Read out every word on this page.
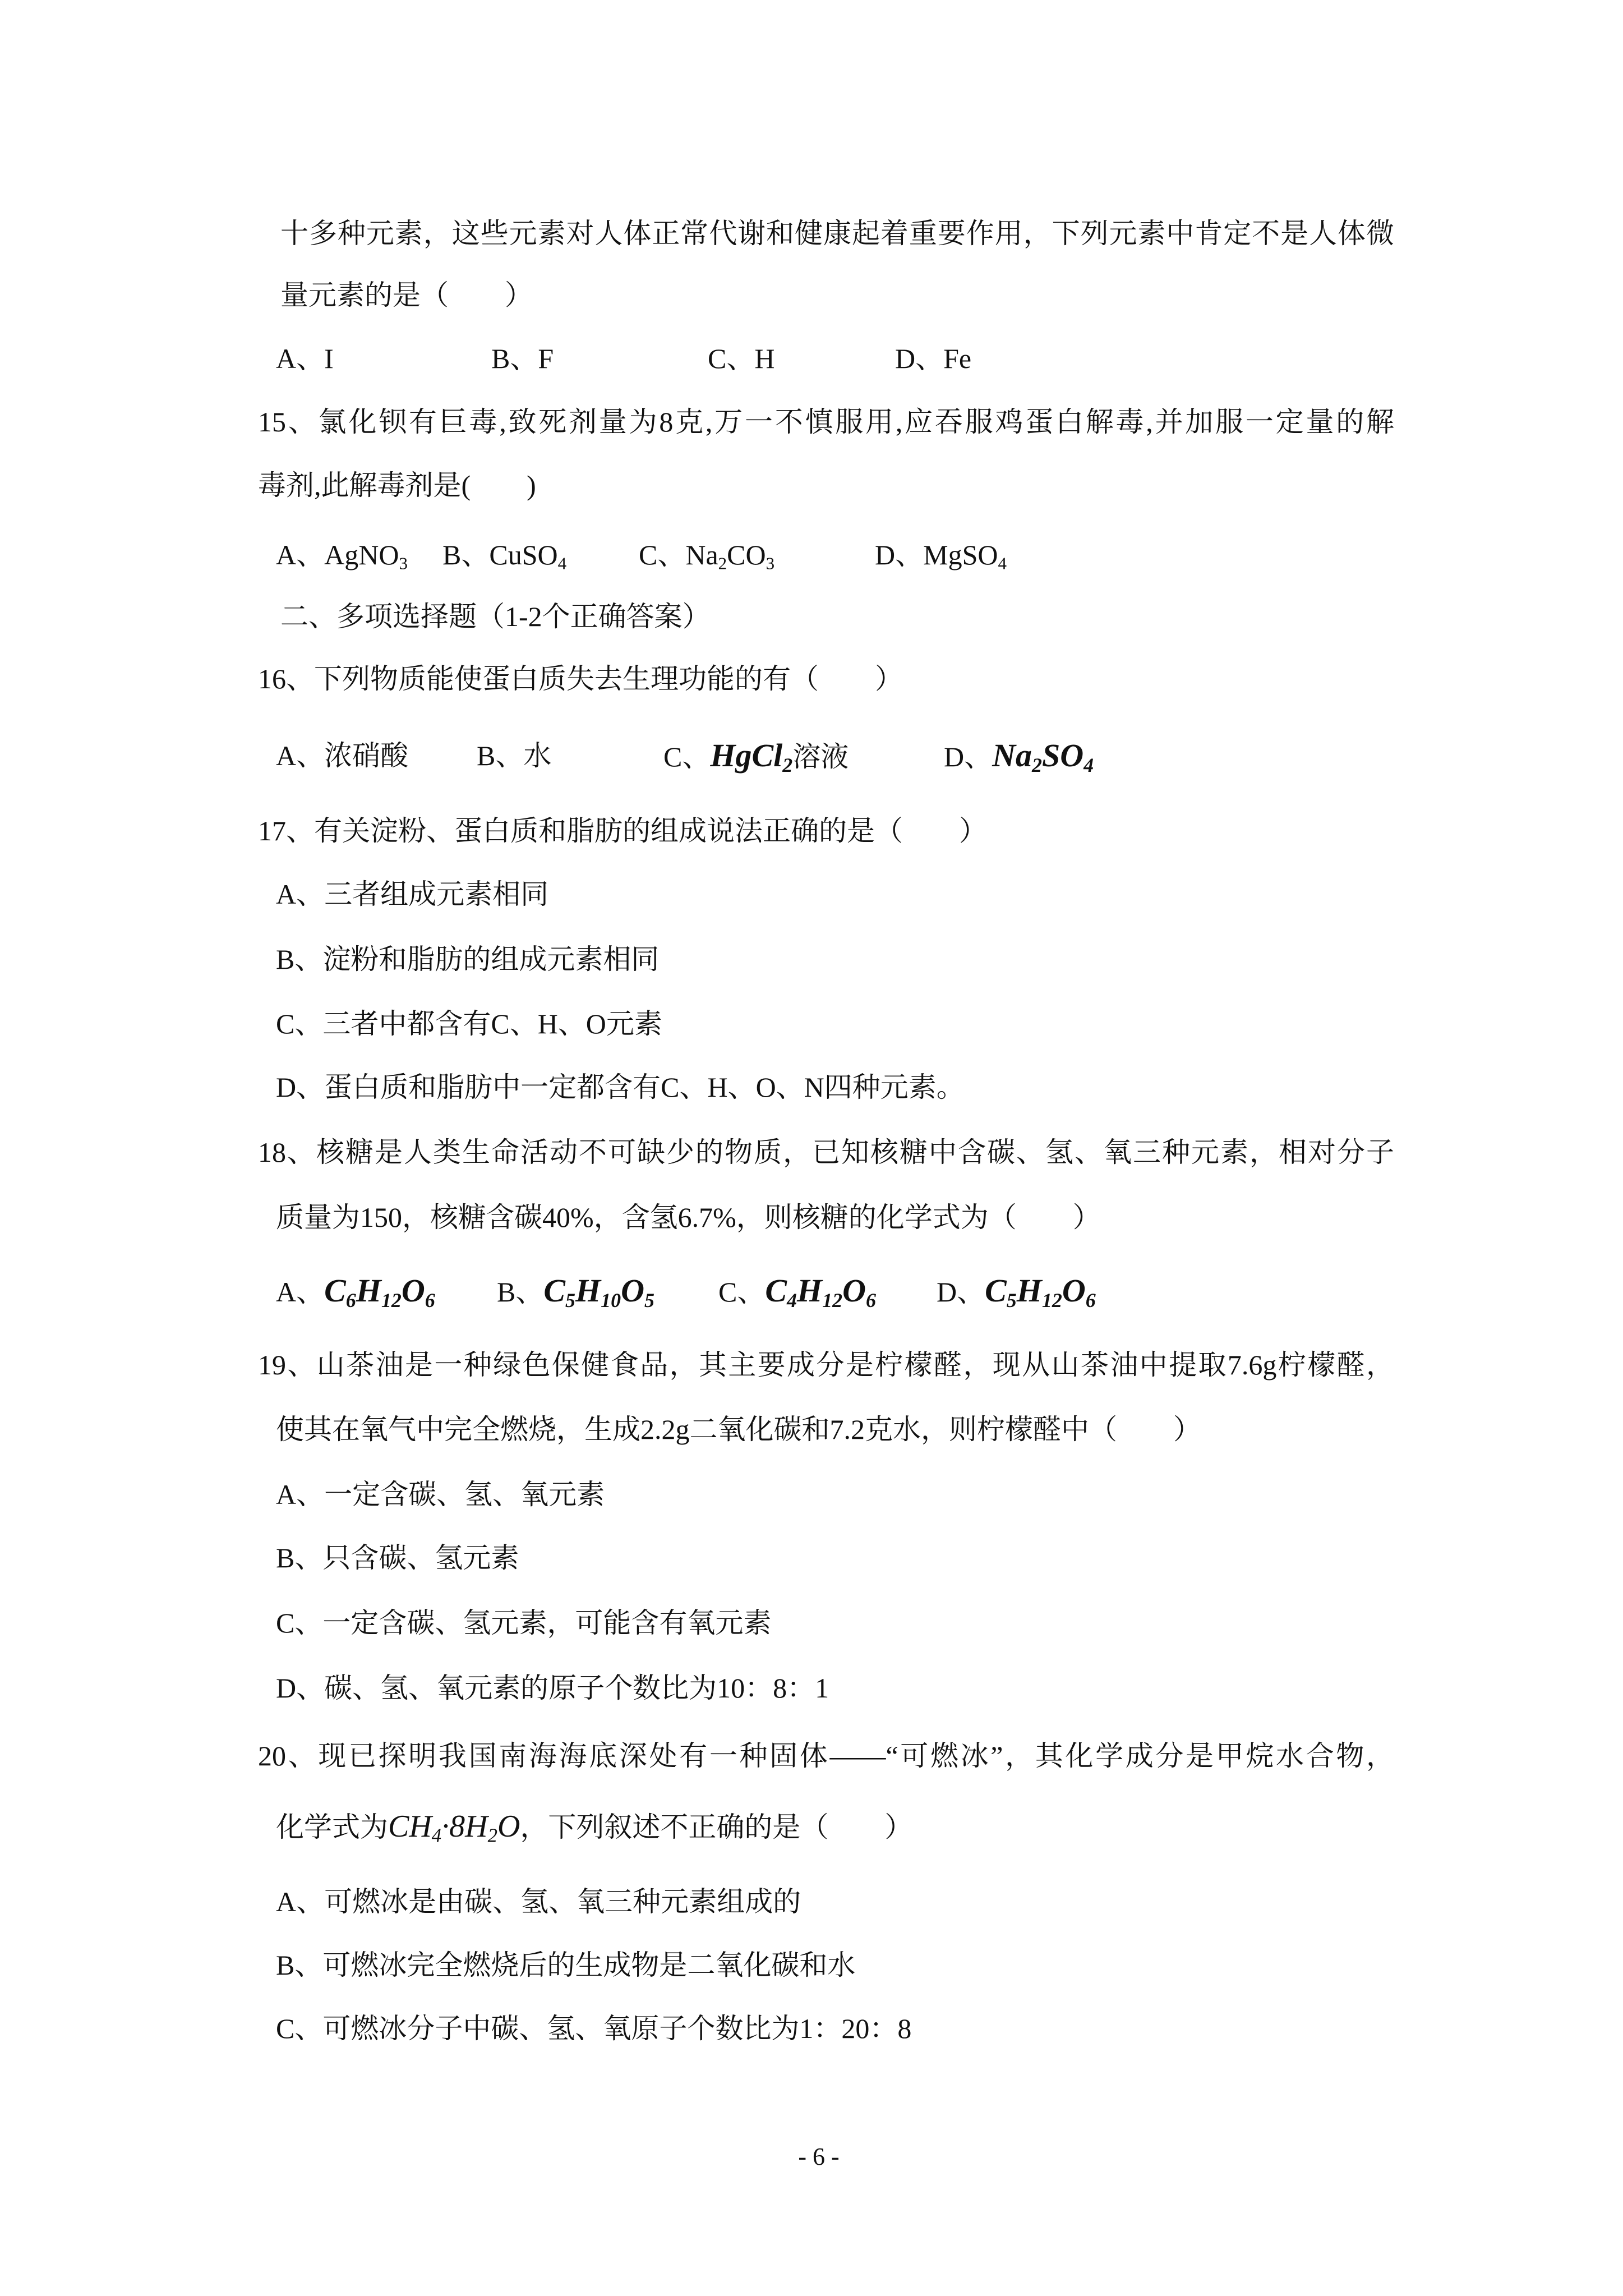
十多种元素，这些元素对人体正常代谢和健康起着重要作用，下列元素中肯定不是人体微
量元素的是（　　）
A、I	B、F	C、H	D、Fe
15、氯化钡有巨毒,致死剂量为8克,万一不慎服用,应吞服鸡蛋白解毒,并加服一定量的解
毒剂,此解毒剂是(　　)
A、AgNO$_3$ B、CuSO$_4$	C、$Na_2CO_3$	D、MgSO$_4$
二、多项选择题（1-2个正确答案）
16、下列物质能使蛋白质失去生理功能的有（　　）
A、浓硝酸 B、水	C、HgCl$_2$溶液	D、$Na_2SO_4$
17、有关淀粉、蛋白质和脂肪的组成说法正确的是（　　）
A、三者组成元素相同
B、淀粉和脂肪的组成元素相同
C、三者中都含有C、H、O元素
D、蛋白质和脂肪中一定都含有C、H、O、N四种元素。
18、核糖是人类生命活动不可缺少的物质，已知核糖中含碳、氢、氧三种元素，相对分子
质量为150，核糖含碳40%，含氢6.7%，则核糖的化学式为（　　）
A、$C_6H_{12}O_6$ B、$C_5H_{10}O_5$ C、$C_4H_{12}O_6$ D、$C_5H_{12}O_6$
19、山茶油是一种绿色保健食品，其主要成分是柠檬醛，现从山茶油中提取7.6g柠檬醛，
使其在氧气中完全燃烧，生成2.2g二氧化碳和7.2克水，则柠檬醛中（　　）
A、一定含碳、氢、氧元素
B、只含碳、氢元素
C、一定含碳、氢元素，可能含有氧元素
D、碳、氢、氧元素的原子个数比为10：8：1
20、现已探明我国南海海底深处有一种固体——“可燃冰”，其化学成分是甲烷水合物，
化学式为$CH_4\cdot 8H_2O$，下列叙述不正确的是（　　）
A、可燃冰是由碳、氢、氧三种元素组成的
B、可燃冰完全燃烧后的生成物是二氧化碳和水
C、可燃冰分子中碳、氢、氧原子个数比为1：20：8
- 6 -
